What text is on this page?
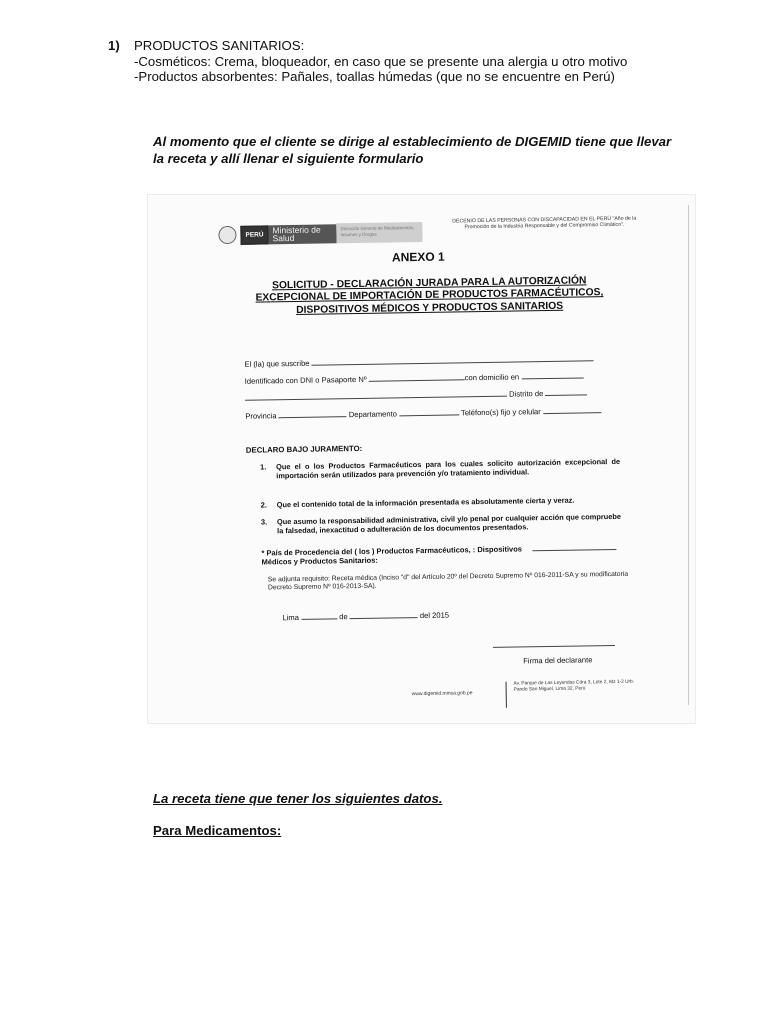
1) PRODUCTOS SANITARIOS:
-Cosméticos: Crema, bloqueador, en caso que se presente una alergia u otro motivo
-Productos absorbentes: Pañales, toallas húmedas (que no se encuentre en Perú)
Al momento que el cliente se dirige al establecimiento de DIGEMID tiene que llevar la receta y allí llenar el siguiente formulario
PERÚ	Ministerio de Salud
Dirección General de Medicamentos, Insumos y Drogas
DECENIO DE LAS PERSONAS CON DISCAPACIDAD EN EL PERÚ "Año de la Promoción de la Industria Responsable y del Compromiso Climático".
ANEXO 1
SOLICITUD - DECLARACIÓN JURADA PARA LA AUTORIZACIÓN EXCEPCIONAL DE IMPORTACIÓN DE PRODUCTOS FARMACÉUTICOS, DISPOSITIVOS MÉDICOS Y PRODUCTOS SANITARIOS
El (la) que suscribe
Identificado con DNI o Pasaporte Nº	con domicilio en
Distrito de
Provincia	Departamento	Teléfono(s) fijo y celular
DECLARO BAJO JURAMENTO:
1. Que el o los Productos Farmacéuticos para los cuales solicito autorización excepcional de importación serán utilizados para prevención y/o tratamiento individual.
2. Que el contenido total de la información presentada es absolutamente cierta y veraz.
3. Que asumo la responsabilidad administrativa, civil y/o penal por cualquier acción que compruebe la falsedad, inexactitud o adulteración de los documentos presentados.
* País de Procedencia del ( los ) Productos Farmacéuticos, : Dispositivos Médicos y Productos Sanitarios:
Se adjunta requisito: Receta médica (Inciso "d" del Artículo 20º del Decreto Supremo Nº 016-2011-SA y su modificatoria Decreto Supremo Nº 016-2013-SA).
Lima	de	del 2015
Firma del declarante
www.digemid.minsa.gob.pe
Av. Parque de Las Leyendas Cdra 3, Lote 2, Mz 1-2 Urb. Pando San Miguel, Lima 32, Perú
La receta tiene que tener los siguientes datos.
Para Medicamentos:
